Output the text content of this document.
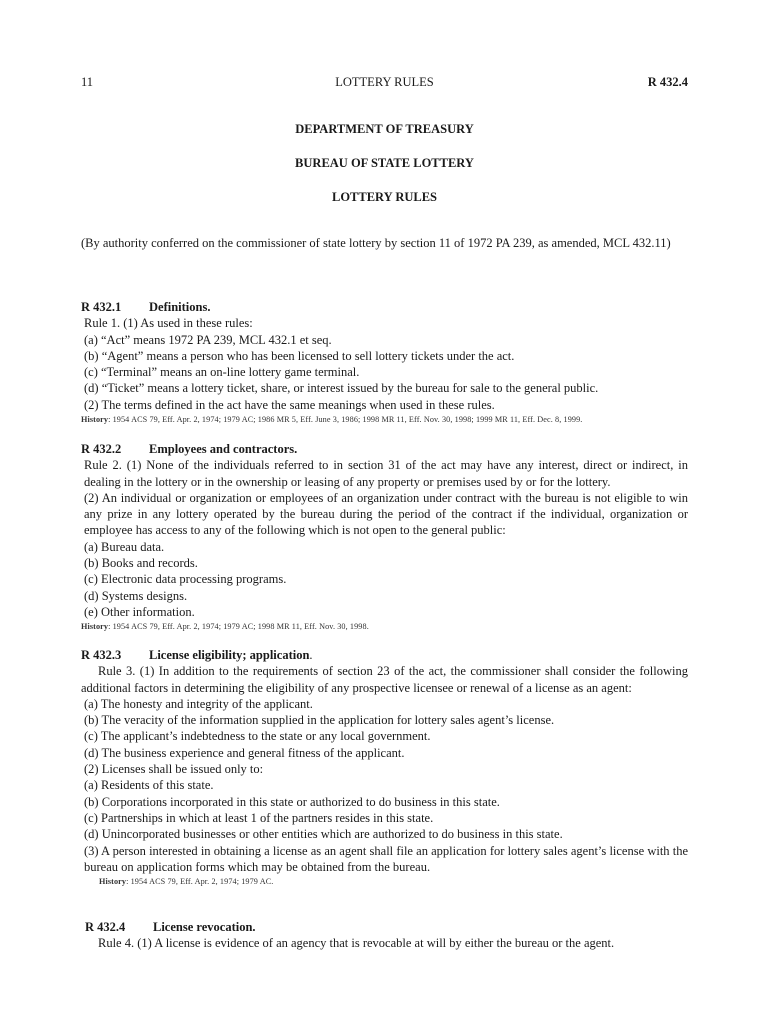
11	LOTTERY RULES	R 432.4
DEPARTMENT OF TREASURY
BUREAU OF STATE LOTTERY
LOTTERY RULES

(By authority conferred on the commissioner of state lottery by section 11 of 1972 PA 239, as amended, MCL 432.11)

R 432.1 Definitions.

Rule 1. (1) As used in these rules:

(a) “Act” means 1972 PA 239, MCL 432.1 et seq.

(b) “Agent” means a person who has been licensed to sell lottery tickets under the act.

(c) “Terminal” means an on-line lottery game terminal.

(d) “Ticket” means a lottery ticket, share, or interest issued by the bureau for sale to the general public.

(2) The terms defined in the act have the same meanings when used in these rules.

History: 1954 ACS 79, Eff. Apr. 2, 1974; 1979 AC; 1986 MR 5, Eff. June 3, 1986; 1998 MR 11, Eff. Nov. 30, 1998; 1999 MR 11, Eff. Dec. 8, 1999.

R 432.2 Employees and contractors.

Rule 2. (1) None of the individuals referred to in section 31 of the act may have any interest, direct or indirect, in dealing in the lottery or in the ownership or leasing of any property or premises used by or for the lottery.

(2) An individual or organization or employees of an organization under contract with the bureau is not eligible to win any prize in any lottery operated by the bureau during the period of the contract if the individual, organization or employee has access to any of the following which is not open to the general public:

(a) Bureau data.

(b) Books and records.

(c) Electronic data processing programs.

(d) Systems designs.

(e) Other information.

History: 1954 ACS 79, Eff. Apr. 2, 1974; 1979 AC; 1998 MR 11, Eff. Nov. 30, 1998.

R 432.3 License eligibility; application.

Rule 3. (1) In addition to the requirements of section 23 of the act, the commissioner shall consider the following additional factors in determining the eligibility of any prospective licensee or renewal of a license as an agent:

(a) The honesty and integrity of the applicant.

(b) The veracity of the information supplied in the application for lottery sales agent’s license.

(c) The applicant’s indebtedness to the state or any local government.

(d) The business experience and general fitness of the applicant.

(2) Licenses shall be issued only to:

(a) Residents of this state.

(b) Corporations incorporated in this state or authorized to do business in this state.

(c) Partnerships in which at least 1 of the partners resides in this state.

(d) Unincorporated businesses or other entities which are authorized to do business in this state.

(3) A person interested in obtaining a license as an agent shall file an application for lottery sales agent’s license with the bureau on application forms which may be obtained from the bureau.

History: 1954 ACS 79, Eff. Apr. 2, 1974; 1979 AC.

R 432.4 License revocation.

Rule 4. (1) A license is evidence of an agency that is revocable at will by either the bureau or the agent.
